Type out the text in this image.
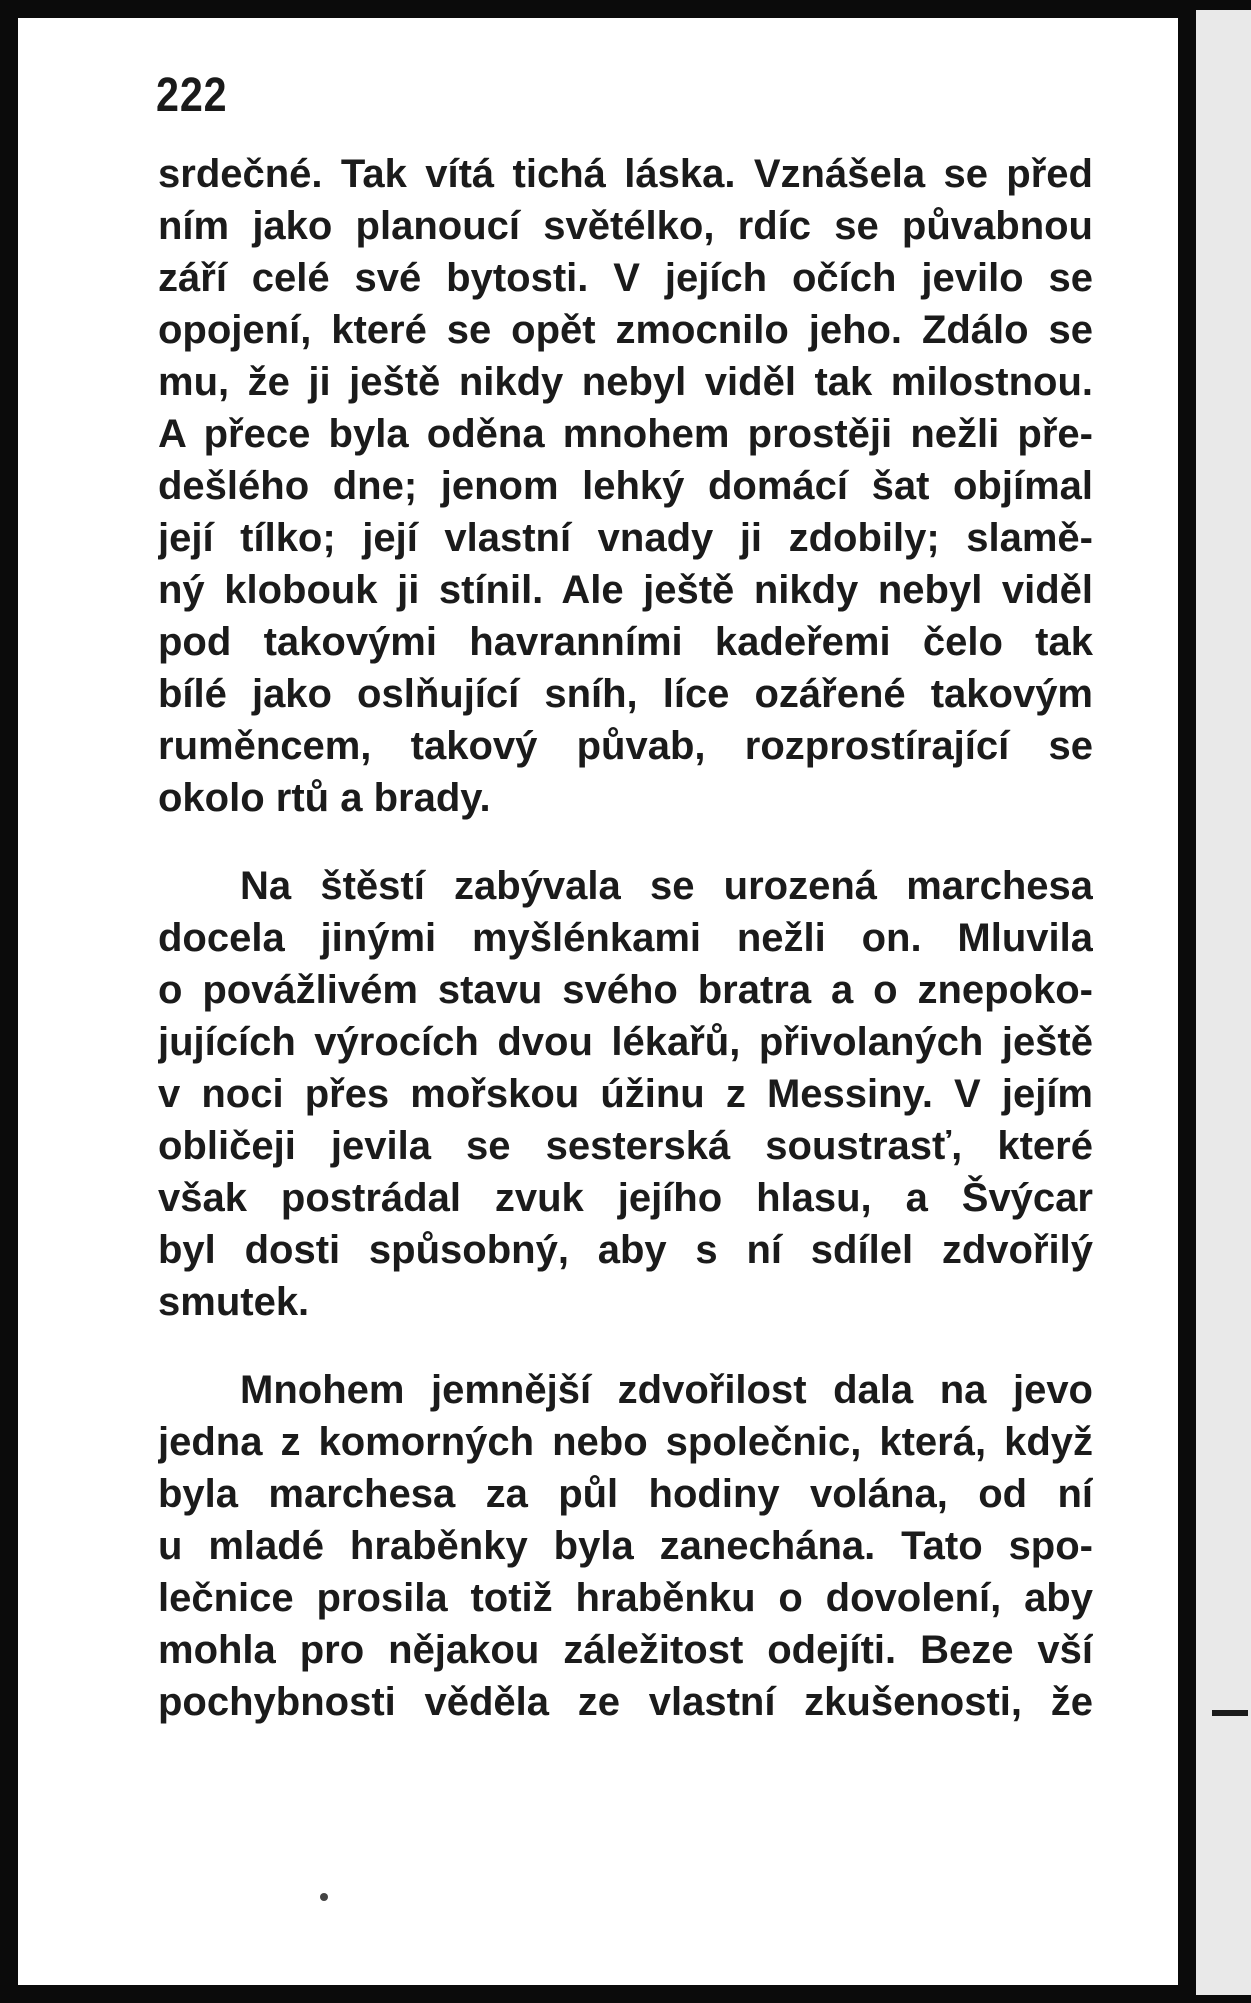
222
srdečné. Tak vítá tichá láska. Vznášela se před
ním jako planoucí světélko, rdíc se půvabnou
září celé své bytosti. V jejích očích jevilo se
opojení, které se opět zmocnilo jeho. Zdálo se
mu, že ji ještě nikdy nebyl viděl tak milostnou.
A přece byla oděna mnohem prostěji nežli pře-
dešlého dne; jenom lehký domácí šat objímal
její tílko; její vlastní vnady ji zdobily; slamě-
ný klobouk ji stínil. Ale ještě nikdy nebyl viděl
pod takovými havranními kadeřemi čelo tak
bílé jako oslňující sníh, líce ozářené takovým
ruměncem, takový půvab, rozprostírající se
okolo rtů a brady.
Na štěstí zabývala se urozená marchesa
docela jinými myšlénkami nežli on. Mluvila
o povážlivém stavu svého bratra a o znepoko-
jujících výrocích dvou lékařů, přivolaných ještě
v noci přes mořskou úžinu z Messiny. V jejím
obličeji jevila se sesterská soustrasť, které
však postrádal zvuk jejího hlasu, a Švýcar
byl dosti spůsobný, aby s ní sdílel zdvořilý
smutek.
Mnohem jemnější zdvořilost dala na jevo
jedna z komorných nebo společnic, která, když
byla marchesa za půl hodiny volána, od ní
u mladé hraběnky byla zanechána. Tato spo-
lečnice prosila totiž hraběnku o dovolení, aby
mohla pro nějakou záležitost odejíti. Beze vší
pochybnosti věděla ze vlastní zkušenosti, že
